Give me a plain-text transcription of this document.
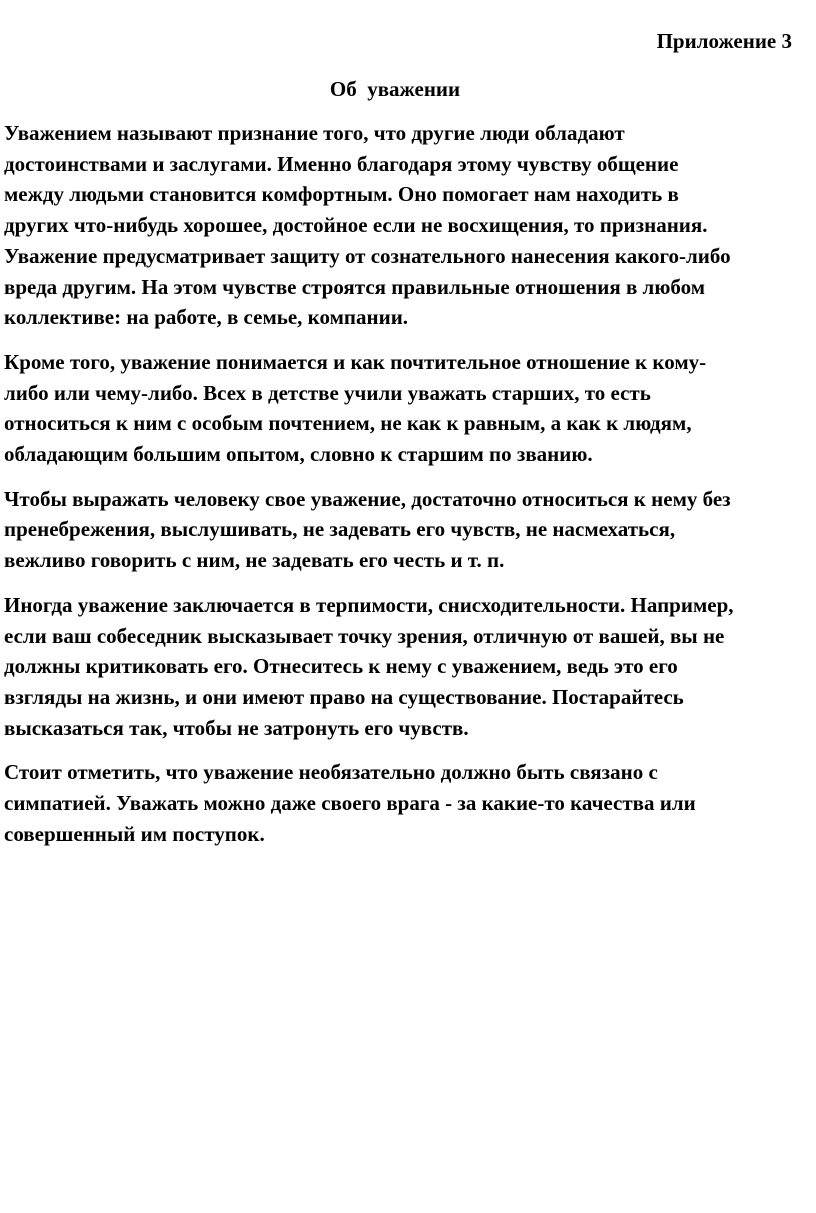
Приложение 3
Об  уважении

Уважением называют признание того, что другие люди обладают
достоинствами и заслугами. Именно благодаря этому чувству общение
между людьми становится комфортным. Оно помогает нам находить в
других что-нибудь хорошее, достойное если не восхищения, то признания.
Уважение предусматривает защиту от сознательного нанесения какого-либо
вреда другим. На этом чувстве строятся правильные отношения в любом
коллективе: на работе, в семье, компании.

Кроме того, уважение понимается и как почтительное отношение к кому-
либо или чему-либо. Всех в детстве учили уважать старших, то есть
относиться к ним с особым почтением, не как к равным, а как к людям,
обладающим большим опытом, словно к старшим по званию.

Чтобы выражать человеку свое уважение, достаточно относиться к нему без
пренебрежения, выслушивать, не задевать его чувств, не насмехаться,
вежливо говорить с ним, не задевать его честь и т. п.

Иногда уважение заключается в терпимости, снисходительности. Например,
если ваш собеседник высказывает точку зрения, отличную от вашей, вы не
должны критиковать его. Отнеситесь к нему с уважением, ведь это его
взгляды на жизнь, и они имеют право на существование. Постарайтесь
высказаться так, чтобы не затронуть его чувств.

Стоит отметить, что уважение необязательно должно быть связано с
симпатией. Уважать можно даже своего врага - за какие-то качества или
совершенный им поступок.
